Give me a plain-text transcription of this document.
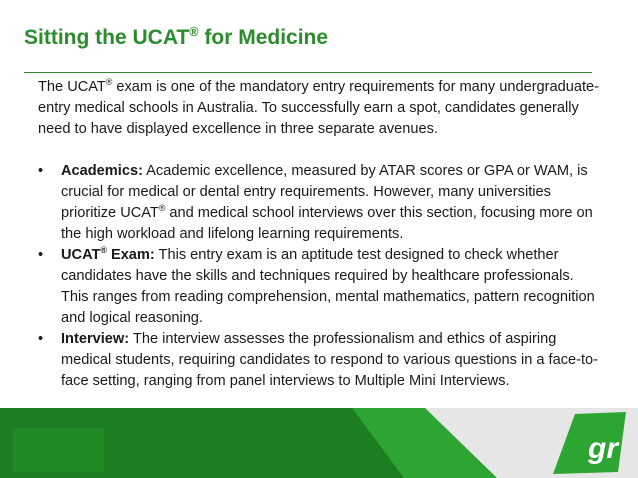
Sitting the UCAT® for Medicine

The UCAT® exam is one of the mandatory entry requirements for many undergraduate-entry medical schools in Australia. To successfully earn a spot, candidates generally need to have displayed excellence in three separate avenues.

• Academics: Academic excellence, measured by ATAR scores or GPA or WAM, is crucial for medical or dental entry requirements. However, many universities prioritize UCAT® and medical school interviews over this section, focusing more on the high workload and lifelong learning requirements.
• UCAT® Exam: This entry exam is an aptitude test designed to check whether candidates have the skills and techniques required by healthcare professionals. This ranges from reading comprehension, mental mathematics, pattern recognition and logical reasoning.
• Interview: The interview assesses the professionalism and ethics of aspiring medical students, requiring candidates to respond to various questions in a face-to-face setting, ranging from panel interviews to Multiple Mini Interviews.
gr
